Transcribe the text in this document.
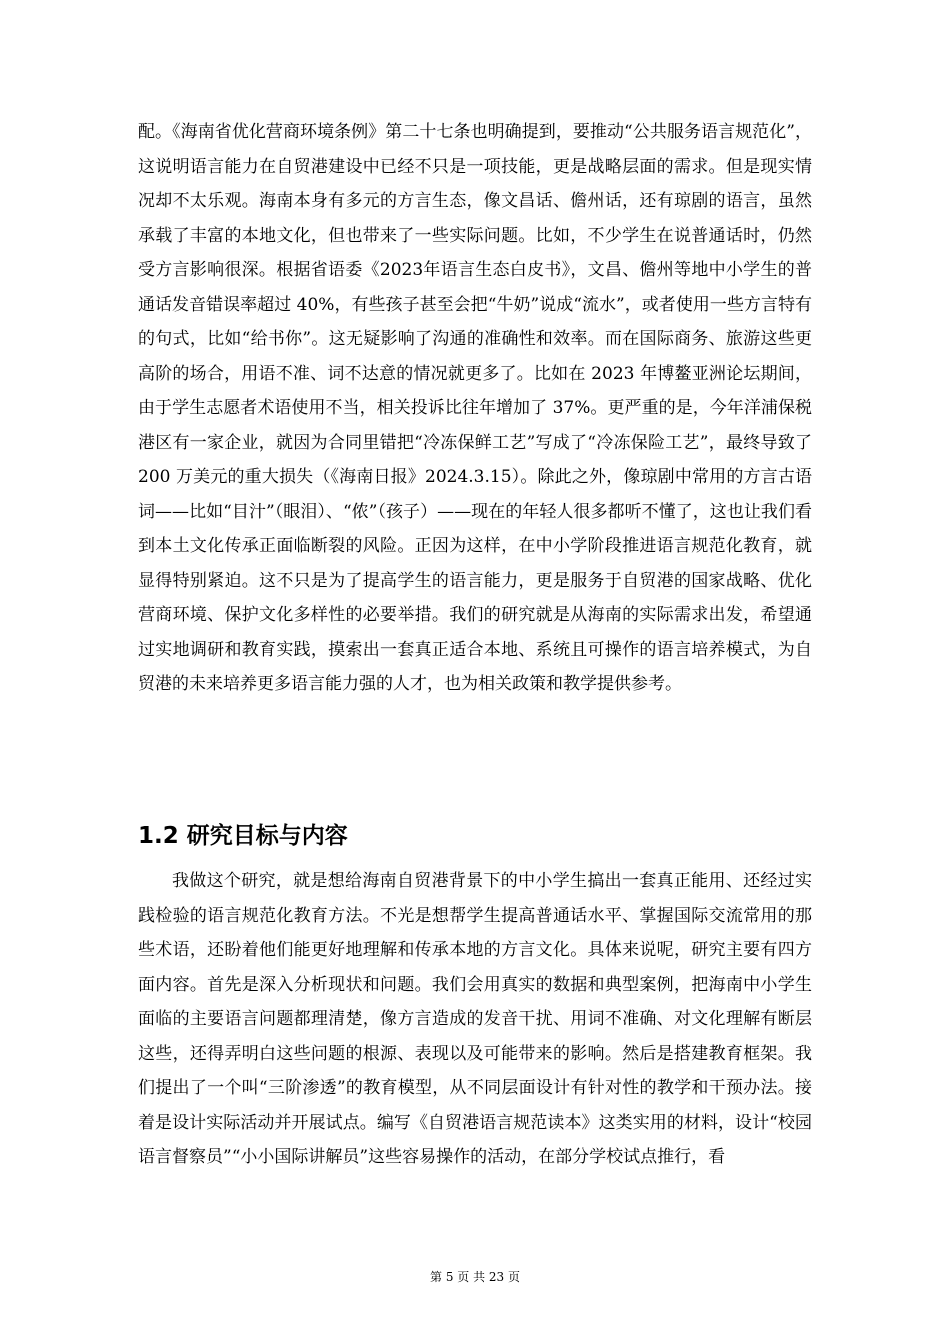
配。《海南省优化营商环境条例》第二十七条也明确提到，要推动“公共服务语言规范化”，这说明语言能力在自贸港建设中已经不只是一项技能，更是战略层面的需求。但是现实情况却不太乐观。海南本身有多元的方言生态，像文昌话、儋州话，还有琼剧的语言，虽然承载了丰富的本地文化，但也带来了一些实际问题。比如，不少学生在说普通话时，仍然受方言影响很深。根据省语委《2023年语言生态白皮书》，文昌、儋州等地中小学生的普通话发音错误率超过 40%，有些孩子甚至会把“牛奶”说成“流水”，或者使用一些方言特有的句式，比如“给书你”。这无疑影响了沟通的准确性和效率。而在国际商务、旅游这些更高阶的场合，用语不准、词不达意的情况就更多了。比如在 2023 年博鳌亚洲论坛期间，由于学生志愿者术语使用不当，相关投诉比往年增加了 37%。更严重的是，今年洋浦保税港区有一家企业，就因为合同里错把“冷冻保鲜工艺”写成了“冷冻保险工艺”，最终导致了 200 万美元的重大损失（《海南日报》2024.3.15）。除此之外，像琼剧中常用的方言古语词——比如“目汁”（眼泪）、“侬”（孩子）——现在的年轻人很多都听不懂了，这也让我们看到本土文化传承正面临断裂的风险。正因为这样，在中小学阶段推进语言规范化教育，就显得特别紧迫。这不只是为了提高学生的语言能力，更是服务于自贸港的国家战略、优化营商环境、保护文化多样性的必要举措。我们的研究就是从海南的实际需求出发，希望通过实地调研和教育实践，摸索出一套真正适合本地、系统且可操作的语言培养模式，为自贸港的未来培养更多语言能力强的人才，也为相关政策和教学提供参考。

1.2 研究目标与内容

我做这个研究，就是想给海南自贸港背景下的中小学生搞出一套真正能用、还经过实践检验的语言规范化教育方法。不光是想帮学生提高普通话水平、掌握国际交流常用的那些术语，还盼着他们能更好地理解和传承本地的方言文化。具体来说呢，研究主要有四方面内容。首先是深入分析现状和问题。我们会用真实的数据和典型案例，把海南中小学生面临的主要语言问题都理清楚，像方言造成的发音干扰、用词不准确、对文化理解有断层这些，还得弄明白这些问题的根源、表现以及可能带来的影响。然后是搭建教育框架。我们提出了一个叫“三阶渗透”的教育模型，从不同层面设计有针对性的教学和干预办法。接着是设计实际活动并开展试点。编写《自贸港语言规范读本》这类实用的材料，设计“校园语言督察员”“小小国际讲解员”这些容易操作的活动，在部分学校试点推行，看

第 5 页 共 23 页
